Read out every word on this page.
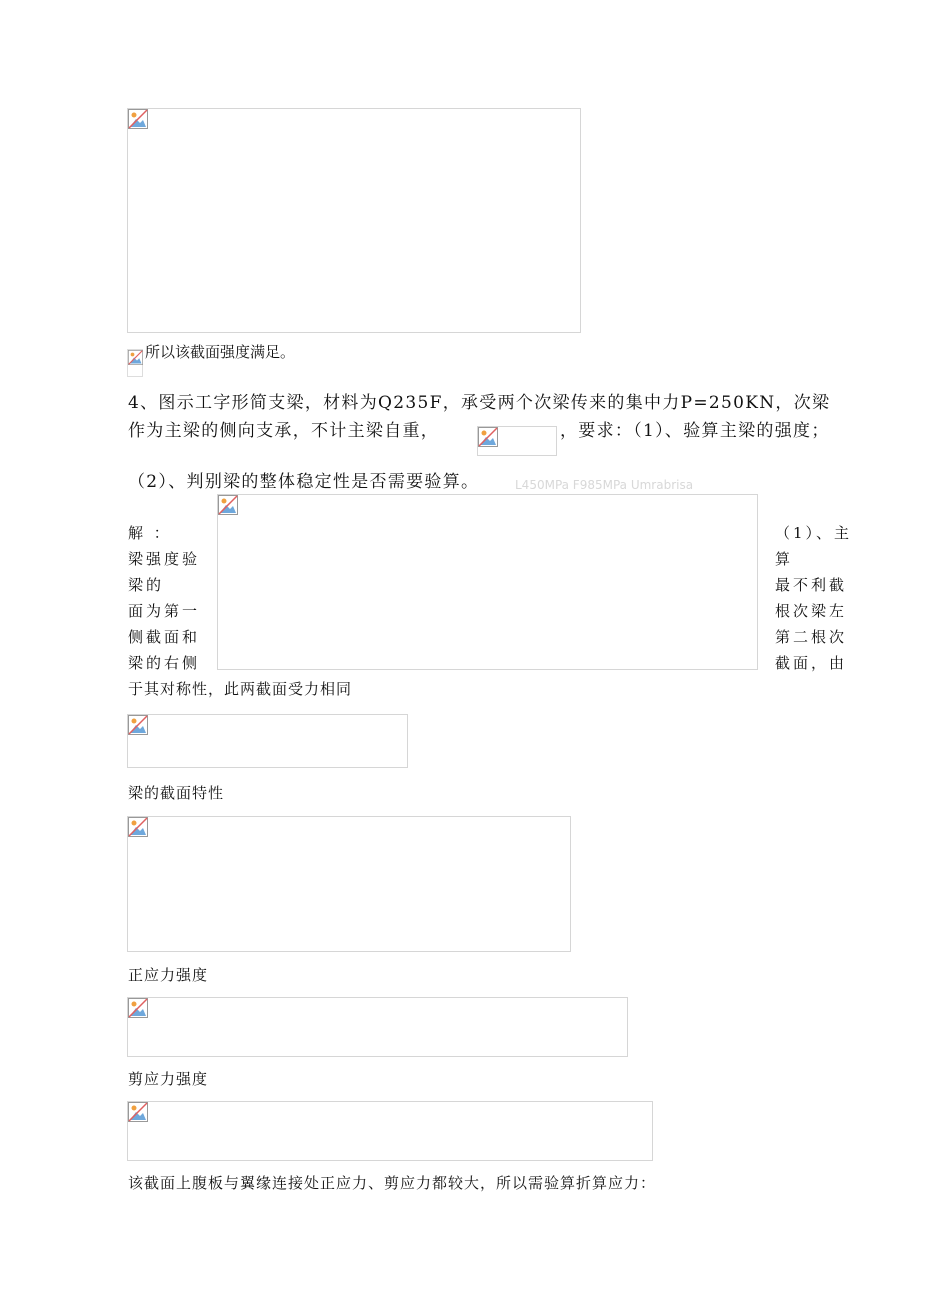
所以该截面强度满足。
4、图示工字形简支梁，材料为Q235F，承受两个次梁传来的集中力P=250KN，次梁
作为主梁的侧向支承，不计主梁自重，	，要求：（1）、验算主梁的强度；
（2）、判别梁的整体稳定性是否需要验算。	L450MPa F985MPa Umrabrisa
解 ：
梁强度验
梁的
面为第一
侧截面和
梁的右侧
（1）、主
算
最不利截
根次梁左
第二根次
截面，由
于其对称性，此两截面受力相同
梁的截面特性
正应力强度
剪应力强度
该截面上腹板与翼缘连接处正应力、剪应力都较大，所以需验算折算应力：
